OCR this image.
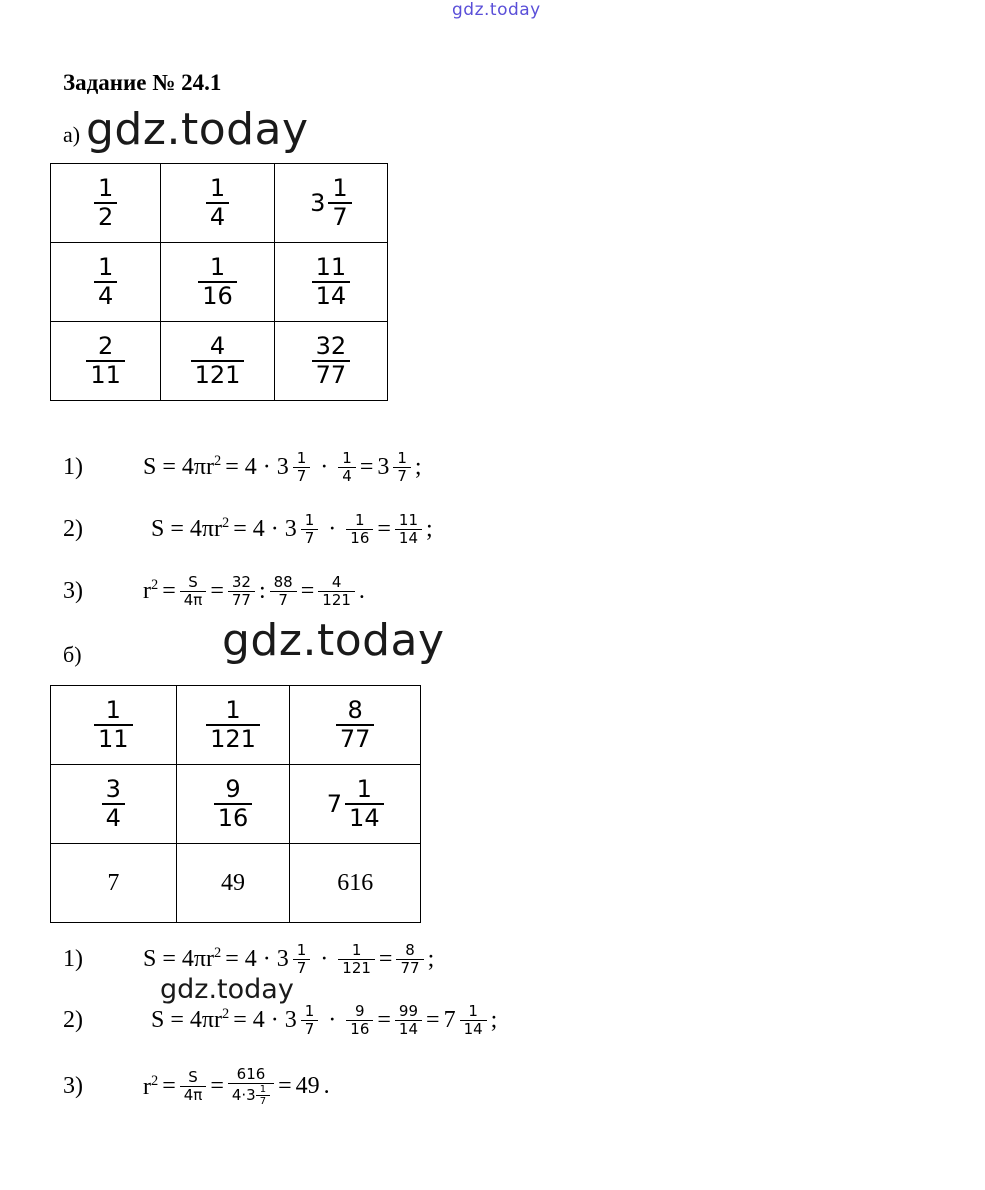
gdz.today
Задание № 24.1
а) gdz.today
$\frac{1}{2}$	$\frac{1}{4}$	$3 \frac{1}{7}$

$\frac{1}{4}$	$\frac{1}{16}$	$\frac{11}{14}$

$\frac{2}{11}$	$\frac{4}{121}$	$\frac{32}{77}$
1)	$S = 4\pi r^2 = 4 \cdot 3 \frac{1}{7} \cdot \frac{1}{4} = 3 \frac{1}{7}$ ;
2)	$S = 4\pi r^2 = 4 \cdot 3 \frac{1}{7} \cdot \frac{1}{16} = \frac{11}{14}$ ;
3)	$r^2 = \frac{S}{4\pi} = \frac{32}{77}$ : $\frac{88}{7} = \frac{4}{121}$ .
б)	gdz.today
$\frac{1}{11}$	$\frac{1}{121}$	$\frac{8}{77}$

$\frac{3}{4}$	$\frac{9}{16}$	$7 \frac{1}{14}$

7	49	616
1)	$S = 4\pi r^2 = 4 \cdot 3 \frac{1}{7} \cdot \frac{1}{121} = \frac{8}{77}$ ;
2)	$S = 4\pi r^2 = 4 \cdot 3 \frac{1}{7} \cdot \frac{9}{16} = \frac{99}{14} = 7 \frac{1}{14}$ ;
3)	$r^2 = \frac{S}{4\pi} = \frac{616}{4\cdot 3 \frac{1}{7}} = 49$ .
gdz.today
